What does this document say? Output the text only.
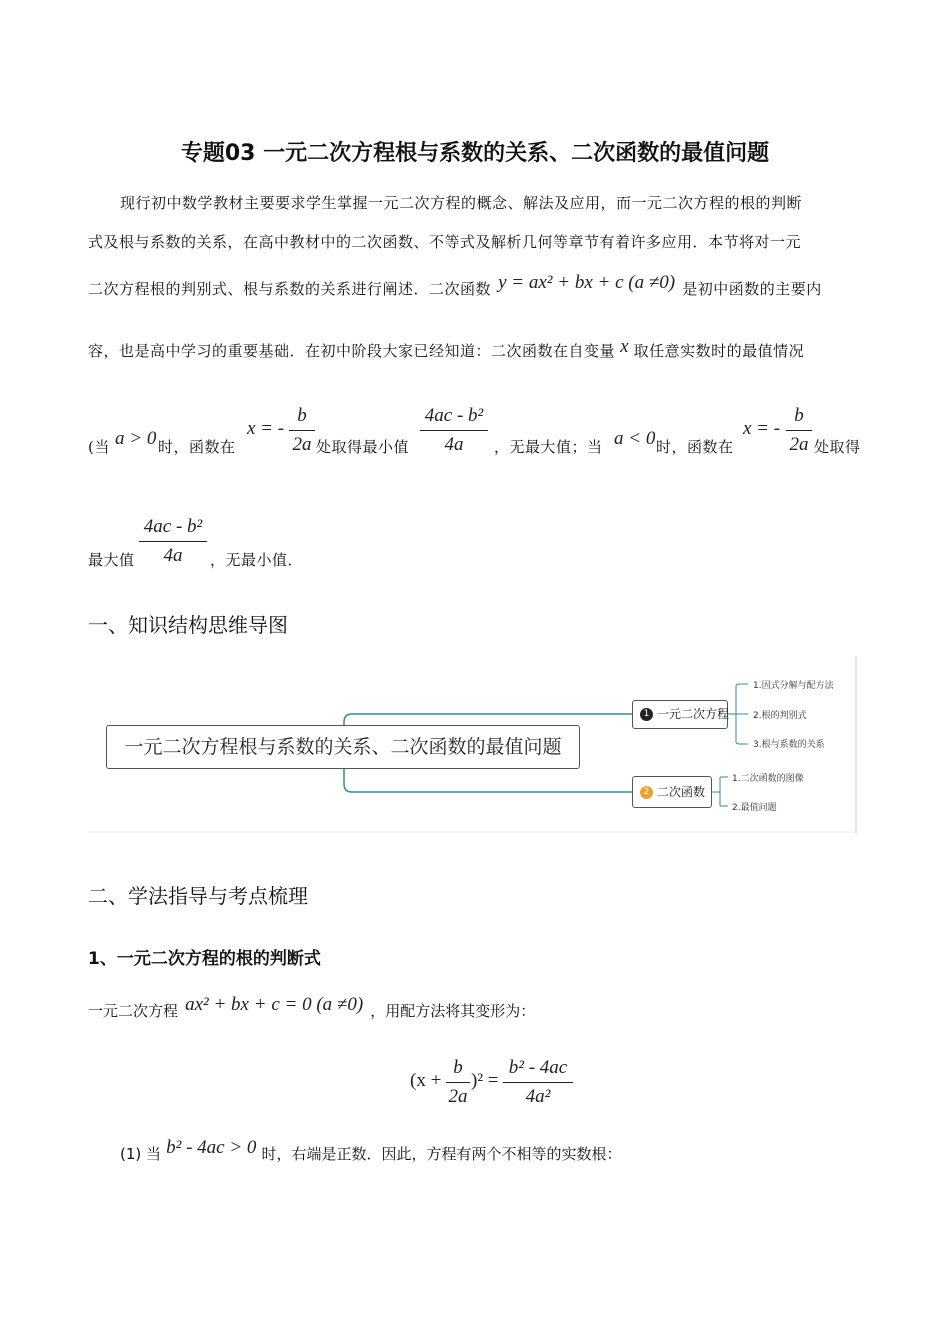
专题03 一元二次方程根与系数的关系、二次函数的最值问题
现行初中数学教材主要要求学生掌握一元二次方程的概念、解法及应用，而一元二次方程的根的判断
式及根与系数的关系，在高中教材中的二次函数、不等式及解析几何等章节有着许多应用．本节将对一元
二次方程根的判别式、根与系数的关系进行阐述．二次函数 y = ax² + bx + c (a ≠0) 是初中函数的主要内
容，也是高中学习的重要基础．在初中阶段大家已经知道：二次函数在自变量 x 取任意实数时的最值情况
(当 a > 0 时，函数在
x = -
b
2a 处取得最小值
4ac - b²
4a	，无最大值；当 a < 0 时，函数在
x = -
b
2a 处取得
最大值
4ac - b²
4a	，无最小值．
一、知识结构思维导图
一元二次方程根与系数的关系、二次函数的最值问题
1 一元二次方程
2 二次函数
1.因式分解与配方法
2.根的判别式
3.根与系数的关系
1.二次函数的图像
2.最值问题
二、学法指导与考点梳理
1、一元二次方程的根的判断式
一元二次方程 ax² + bx + c = 0 (a ≠0) ，用配方法将其变形为：
(x +
b
2a
)² =
b² - 4ac
4a²
(1) 当 b² - 4ac > 0 时，右端是正数．因此，方程有两个不相等的实数根：
